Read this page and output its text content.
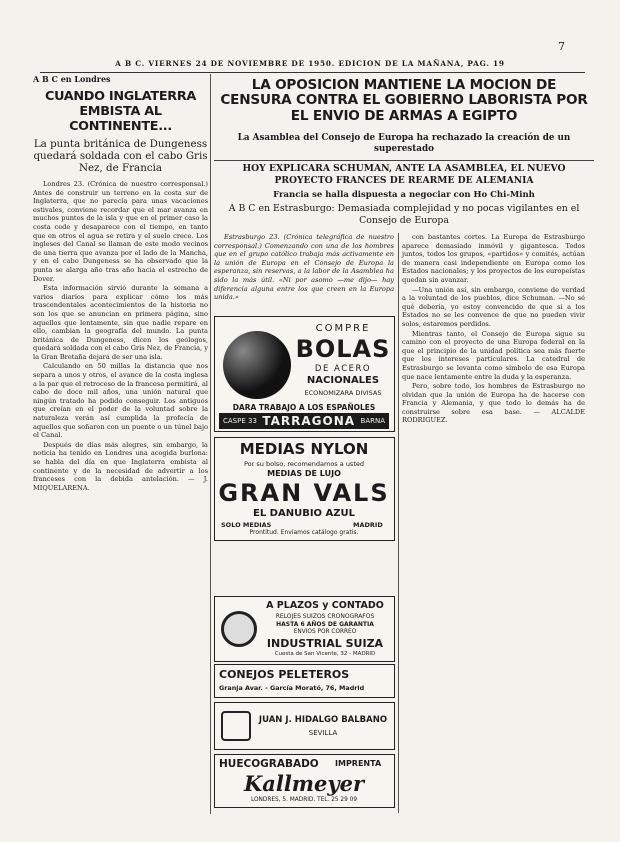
7
A B C. VIERNES 24 DE NOVIEMBRE DE 1950. EDICION DE LA MAÑANA, PAG. 19
A B C en Londres
CUANDO INGLATERRA EMBISTA AL CONTINENTE...
La punta británica de Dungeness quedará soldada con el cabo Gris Nez, de Francia

Londres 23. (Crónica de nuestro corresponsal.) Antes de construir un terreno en la costa sur de Inglaterra, que no parecía para unas vacaciones estivales, conviene recordar que el mar avanza en muchos puntos de la isla y que en el primer caso la costa cede y desaparece con el tiempo, en tanto que en otros el agua se retira y el suelo crece. Los ingleses del Canal se llaman de este modo vecinos de una tierra que avanza por el lado de la Mancha, y en el cabo Dungeness se ha observado que la punta se alarga año tras año hacia el estrecho de Dover.

Esta información sirvió durante la semana a varios diarios para explicar cómo los más trascendentales acontecimientos de la historia no son los que se anuncian en primera página, sino aquellos que lentamente, sin que nadie repare en ello, cambian la geografía del mundo. La punta británica de Dungeness, dicen los geólogos, quedará soldada con el cabo Gris Nez, de Francia, y la Gran Bretaña dejará de ser una isla.

Calculando en 50 millas la distancia que nos separa a unos y otros, el avance de la costa inglesa a la par que el retroceso de la francesa permitirá, al cabo de doce mil años, una unión natural que ningún tratado ha podido conseguir. Los antiguos que creían en el poder de la voluntad sobre la naturaleza verán así cumplida la profecía de aquellos que soñaron con un puente o un túnel bajo el Canal.

Después de días más alegres, sin embargo, la noticia ha tenido en Londres una acogida burlona: se habla del día en que Inglaterra embista al continente y de la necesidad de advertir a los franceses con la debida antelación. — J. MIQUELARENA.

LA OPOSICION MANTIENE LA MOCION DE CENSURA CONTRA EL GOBIERNO LABORISTA POR EL ENVIO DE ARMAS A EGIPTO
La Asamblea del Consejo de Europa ha rechazado la creación de un superestado
HOY EXPLICARA SCHUMAN, ANTE LA ASAMBLEA, EL NUEVO PROYECTO FRANCES DE REARME DE ALEMANIA
Francia se halla dispuesta a negociar con Ho Chi-Minh
A B C en Estrasburgo: Demasiada complejidad y no pocas vigilantes en el Consejo de Europa

Estrasburgo 23. (Crónica telegráfica de nuestro corresponsal.) Comenzando con una de los hombres que en el grupo católico trabaja más activamente en la unión de Europa en el Consejo de Europa la esperanza, sin reservas, a la labor de la Asamblea ha sido la más útil. «Ni por asomo —me dijo— hay diferencia alguna entre los que creen en la Europa unida.»

con bastantes cortes. La Europa de Estrasburgo aparece demasiado inmóvil y gigantesca. Todos juntos, todos los grupos, «partidos» y comités, actúan de manera casi independiente en Europa como los Estados nacionales; y los proyectos de los europeístas quedan sin avanzar.

—Una unión así, sin embargo, conviene de verdad a la voluntad de los pueblos, dice Schuman. —No sé qué debería, yo estoy convencido de que si a los Estados no se les convence de que no pueden vivir solos, estaremos perdidos.

Mientras tanto, el Consejo de Europa sigue su camino con el proyecto de una Europa federal en la que el principio de la unidad política sea más fuerte que los intereses particulares. La catedral de Estrasburgo se levanta como símbolo de esa Europa que nace lentamente entre la duda y la esperanza.

Pero, sobre todo, los hombres de Estrasburgo no olvidan que la unión de Europa ha de hacerse con Francia y Alemania, y que todo lo demás ha de construirse sobre esa base. — ALCALDE RODRIGUEZ.

COMPRE
BOLAS
DE ACERO
NACIONALES
ECONOMIZARA DIVISAS
DARA TRABAJO A LOS ESPAÑOLES
CASPE 33 TARRAGONA BARNA
MEDIAS NYLON
Por su bolso, recomendamos a usted
MEDIAS DE LUJO
GRAN VALS
EL DANUBIO AZUL
SOLO MEDIAS	MADRID
Prontitud. Envíamos catálogo gratis.
A PLAZOS y CONTADO
RELOJES SUIZOS CRONOGRAFOS
HASTA 6 AÑOS DE GARANTIA
ENVIOS POR CORREO
INDUSTRIAL SUIZA
Cuesta de San Vicente, 32 - MADRID
CONEJOS PELETEROS
Granja Avar. - García Morató, 76, Madrid
JUAN J. HIDALGO BALBANO
SEVILLA
HUECOGRABADO IMPRENTA
Kallmeyer
LONDRES, 5. MADRID. TEL. 25 29 09
